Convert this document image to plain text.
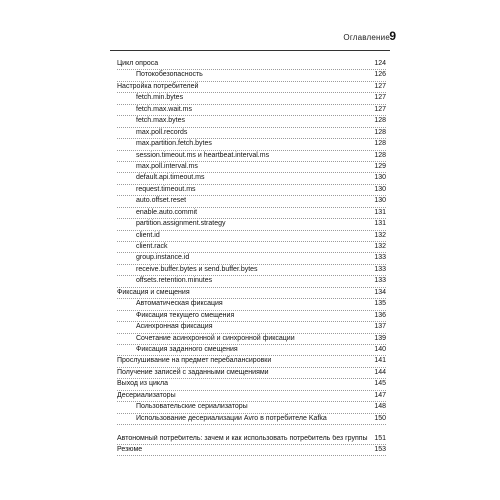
Оглавление 9
Цикл опроса	124
Потокобезопасность	126
Настройка потребителей	127
fetch.min.bytes	127
fetch.max.wait.ms	127
fetch.max.bytes	128
max.poll.records	128
max.partition.fetch.bytes	128
session.timeout.ms и heartbeat.interval.ms	128
max.poll.interval.ms	129
default.api.timeout.ms	130
request.timeout.ms	130
auto.offset.reset	130
enable.auto.commit	131
partition.assignment.strategy	131
client.id	132
client.rack	132
group.instance.id	133
receive.buffer.bytes и send.buffer.bytes	133
offsets.retention.minutes	133
Фиксация и смещения	134
Автоматическая фиксация	135
Фиксация текущего смещения	136
Асинхронная фиксация	137
Сочетание асинхронной и синхронной фиксации	139
Фиксация заданного смещения	140
Прослушивание на предмет перебалансировки	141
Получение записей с заданными смещениями	144
Выход из цикла	145
Десериализаторы	147
Пользовательские сериализаторы	148
Использование десериализации Avro в потребителе Kafka	150
Автономный потребитель: зачем и как использовать потребитель без группы 151
Резюме	153
